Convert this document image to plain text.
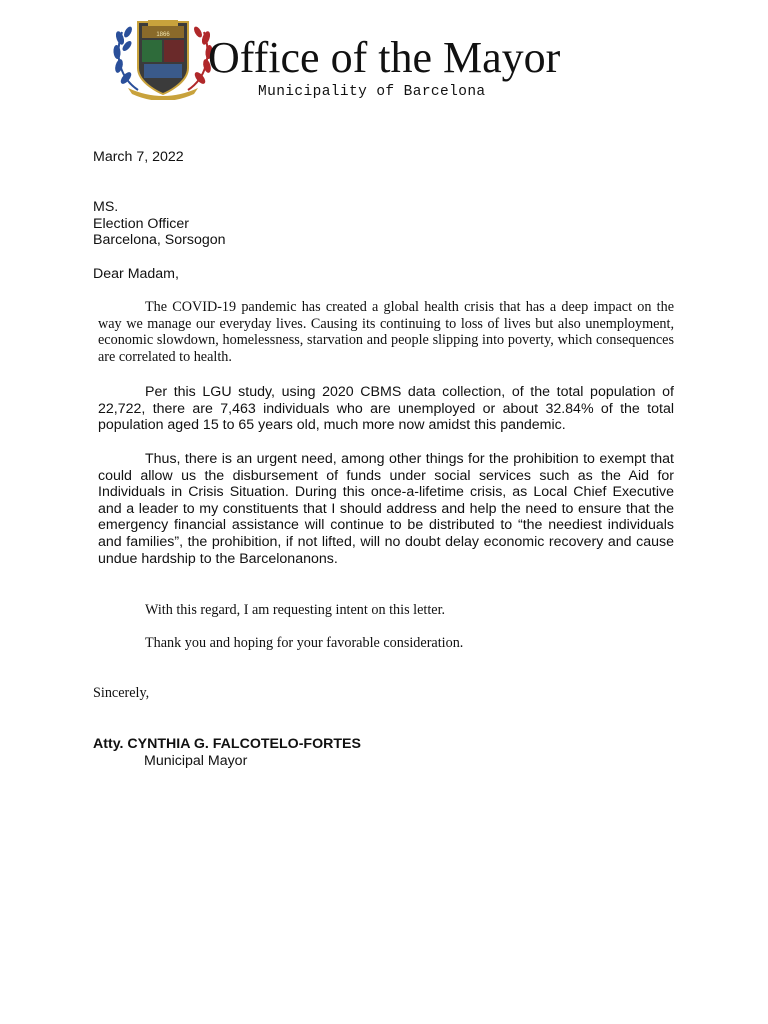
1866 Office of the Mayor
Municipality of Barcelona
March 7, 2022
MS.
Election Officer
Barcelona, Sorsogon
Dear Madam,

The COVID-19 pandemic has created a global health crisis that has a deep impact on the way we manage our everyday lives. Causing its continuing to loss of lives but also unemployment, economic slowdown, homelessness, starvation and people slipping into poverty, which consequences are correlated to health.

Per this LGU study, using 2020 CBMS data collection, of the total population of 22,722, there are 7,463 individuals who are unemployed or about 32.84% of the total population aged 15 to 65 years old, much more now amidst this pandemic.

Thus, there is an urgent need, among other things for the prohibition to exempt that could allow us the disbursement of funds under social services such as the Aid for Individuals in Crisis Situation. During this once-a-lifetime crisis, as Local Chief Executive and a leader to my constituents that I should address and help the need to ensure that the emergency financial assistance will continue to be distributed to “the neediest individuals and families”, the prohibition, if not lifted, will no doubt delay economic recovery and cause undue hardship to the Barcelonanons.

With this regard, I am requesting intent on this letter.
Thank you and hoping for your favorable consideration.
Sincerely,
Atty. CYNTHIA G. FALCOTELO-FORTES
Municipal Mayor
